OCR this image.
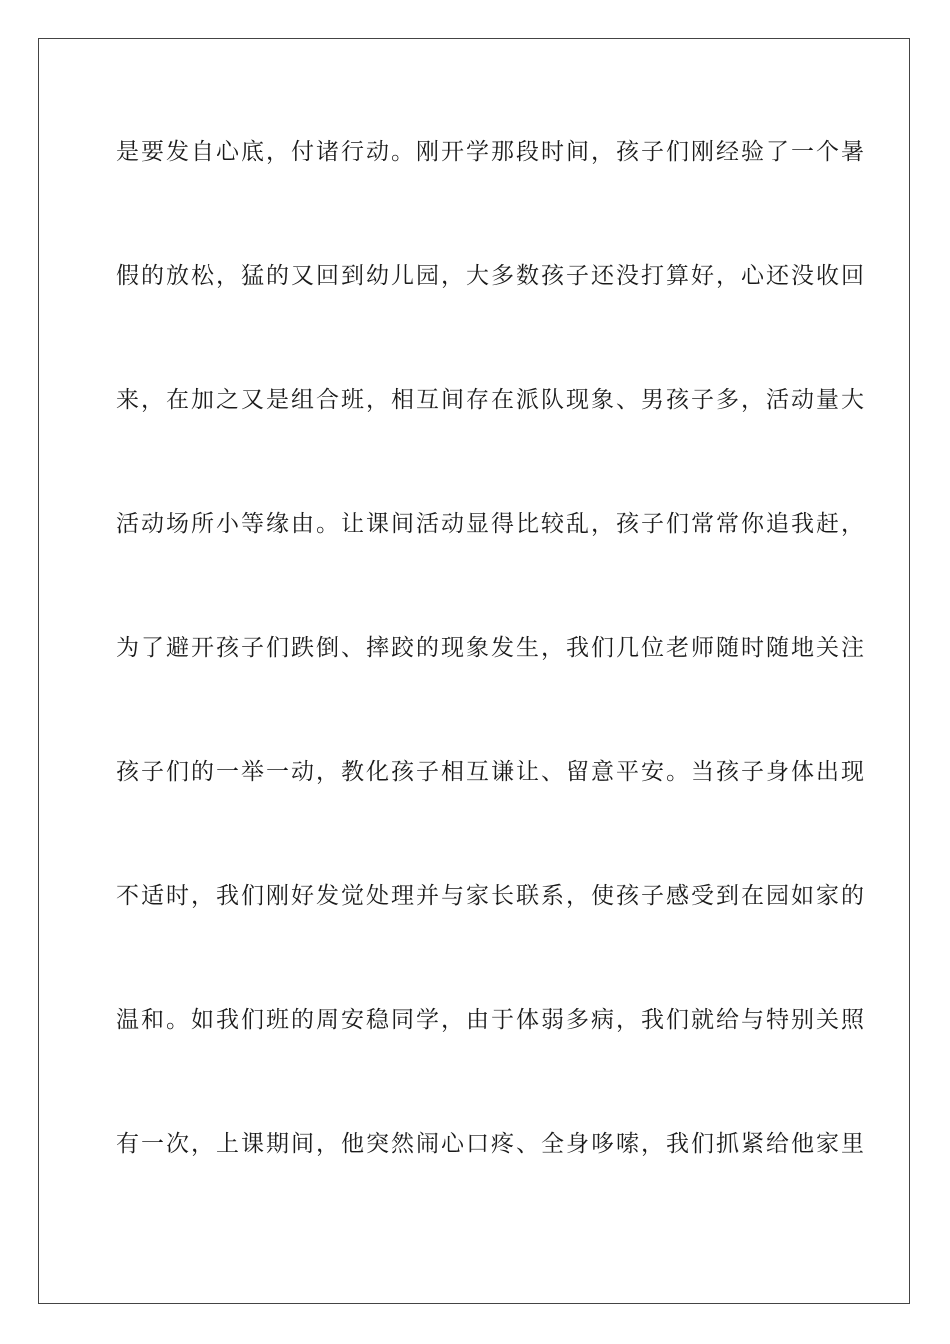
是要发自心底，付诸行动。刚开学那段时间，孩子们刚经验了一个暑
假的放松，猛的又回到幼儿园，大多数孩子还没打算好，心还没收回
来，在加之又是组合班，相互间存在派队现象、男孩子多，活动量大
活动场所小等缘由。让课间活动显得比较乱，孩子们常常你追我赶，
为了避开孩子们跌倒、摔跤的现象发生，我们几位老师随时随地关注
孩子们的一举一动，教化孩子相互谦让、留意平安。当孩子身体出现
不适时，我们刚好发觉处理并与家长联系，使孩子感受到在园如家的
温和。如我们班的周安稳同学，由于体弱多病，我们就给与特别关照
有一次，上课期间，他突然闹心口疼、全身哆嗦，我们抓紧给他家里
